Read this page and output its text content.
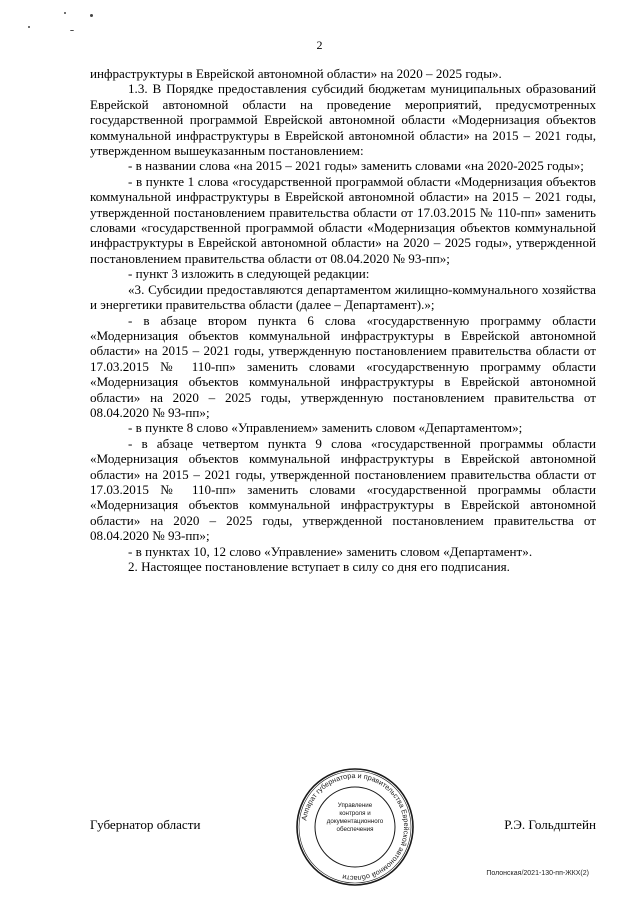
2

инфраструктуры в Еврейской автономной области» на 2020 – 2025 годы».

1.3. В Порядке предоставления субсидий бюджетам муниципальных образований Еврейской автономной области на проведение мероприятий, предусмотренных государственной программой Еврейской автономной области «Модернизация объектов коммунальной инфраструктуры в Еврейской автономной области» на 2015 – 2021 годы, утвержденном вышеуказанным постановлением:

- в названии слова «на 2015 – 2021 годы» заменить словами «на 2020-2025 годы»;

- в пункте 1 слова «государственной программой области «Модернизация объектов коммунальной инфраструктуры в Еврейской автономной области» на 2015 – 2021 годы, утвержденной постановлением правительства области от 17.03.2015 № 110-пп» заменить словами «государственной программой области «Модернизация объектов коммунальной инфраструктуры в Еврейской автономной области» на 2020 – 2025 годы», утвержденной постановлением правительства области от 08.04.2020 № 93-пп»;

- пункт 3 изложить в следующей редакции:

«3. Субсидии предоставляются департаментом жилищно-коммунального хозяйства и энергетики правительства области (далее – Департамент).»;

- в абзаце втором пункта 6 слова «государственную программу области «Модернизация объектов коммунальной инфраструктуры в Еврейской автономной области» на 2015 – 2021 годы, утвержденную постановлением правительства области от 17.03.2015 № 110-пп» заменить словами «государственную программу области «Модернизация объектов коммунальной инфраструктуры в Еврейской автономной области» на 2020 – 2025 годы, утвержденную постановлением правительства от 08.04.2020 № 93-пп»;

- в пункте 8 слово «Управлением» заменить словом «Департаментом»;

- в абзаце четвертом пункта 9 слова «государственной программы области «Модернизация объектов коммунальной инфраструктуры в Еврейской автономной области» на 2015 – 2021 годы, утвержденной постановлением правительства области от 17.03.2015 № 110-пп» заменить словами «государственной программы области «Модернизация объектов коммунальной инфраструктуры в Еврейской автономной области» на 2020 – 2025 годы, утвержденной постановлением правительства от 08.04.2020 № 93-пп»;

- в пунктах 10, 12 слово «Управление» заменить словом «Департамент».

2. Настоящее постановление вступает в силу со дня его подписания.

Аппарат губернатора и правительства Еврейской автономной области
Управление контроля и документационного обеспечения
Губернатор области	Р.Э. Гольдштейн
Полонская/2021-130-пп-ЖКХ(2)
